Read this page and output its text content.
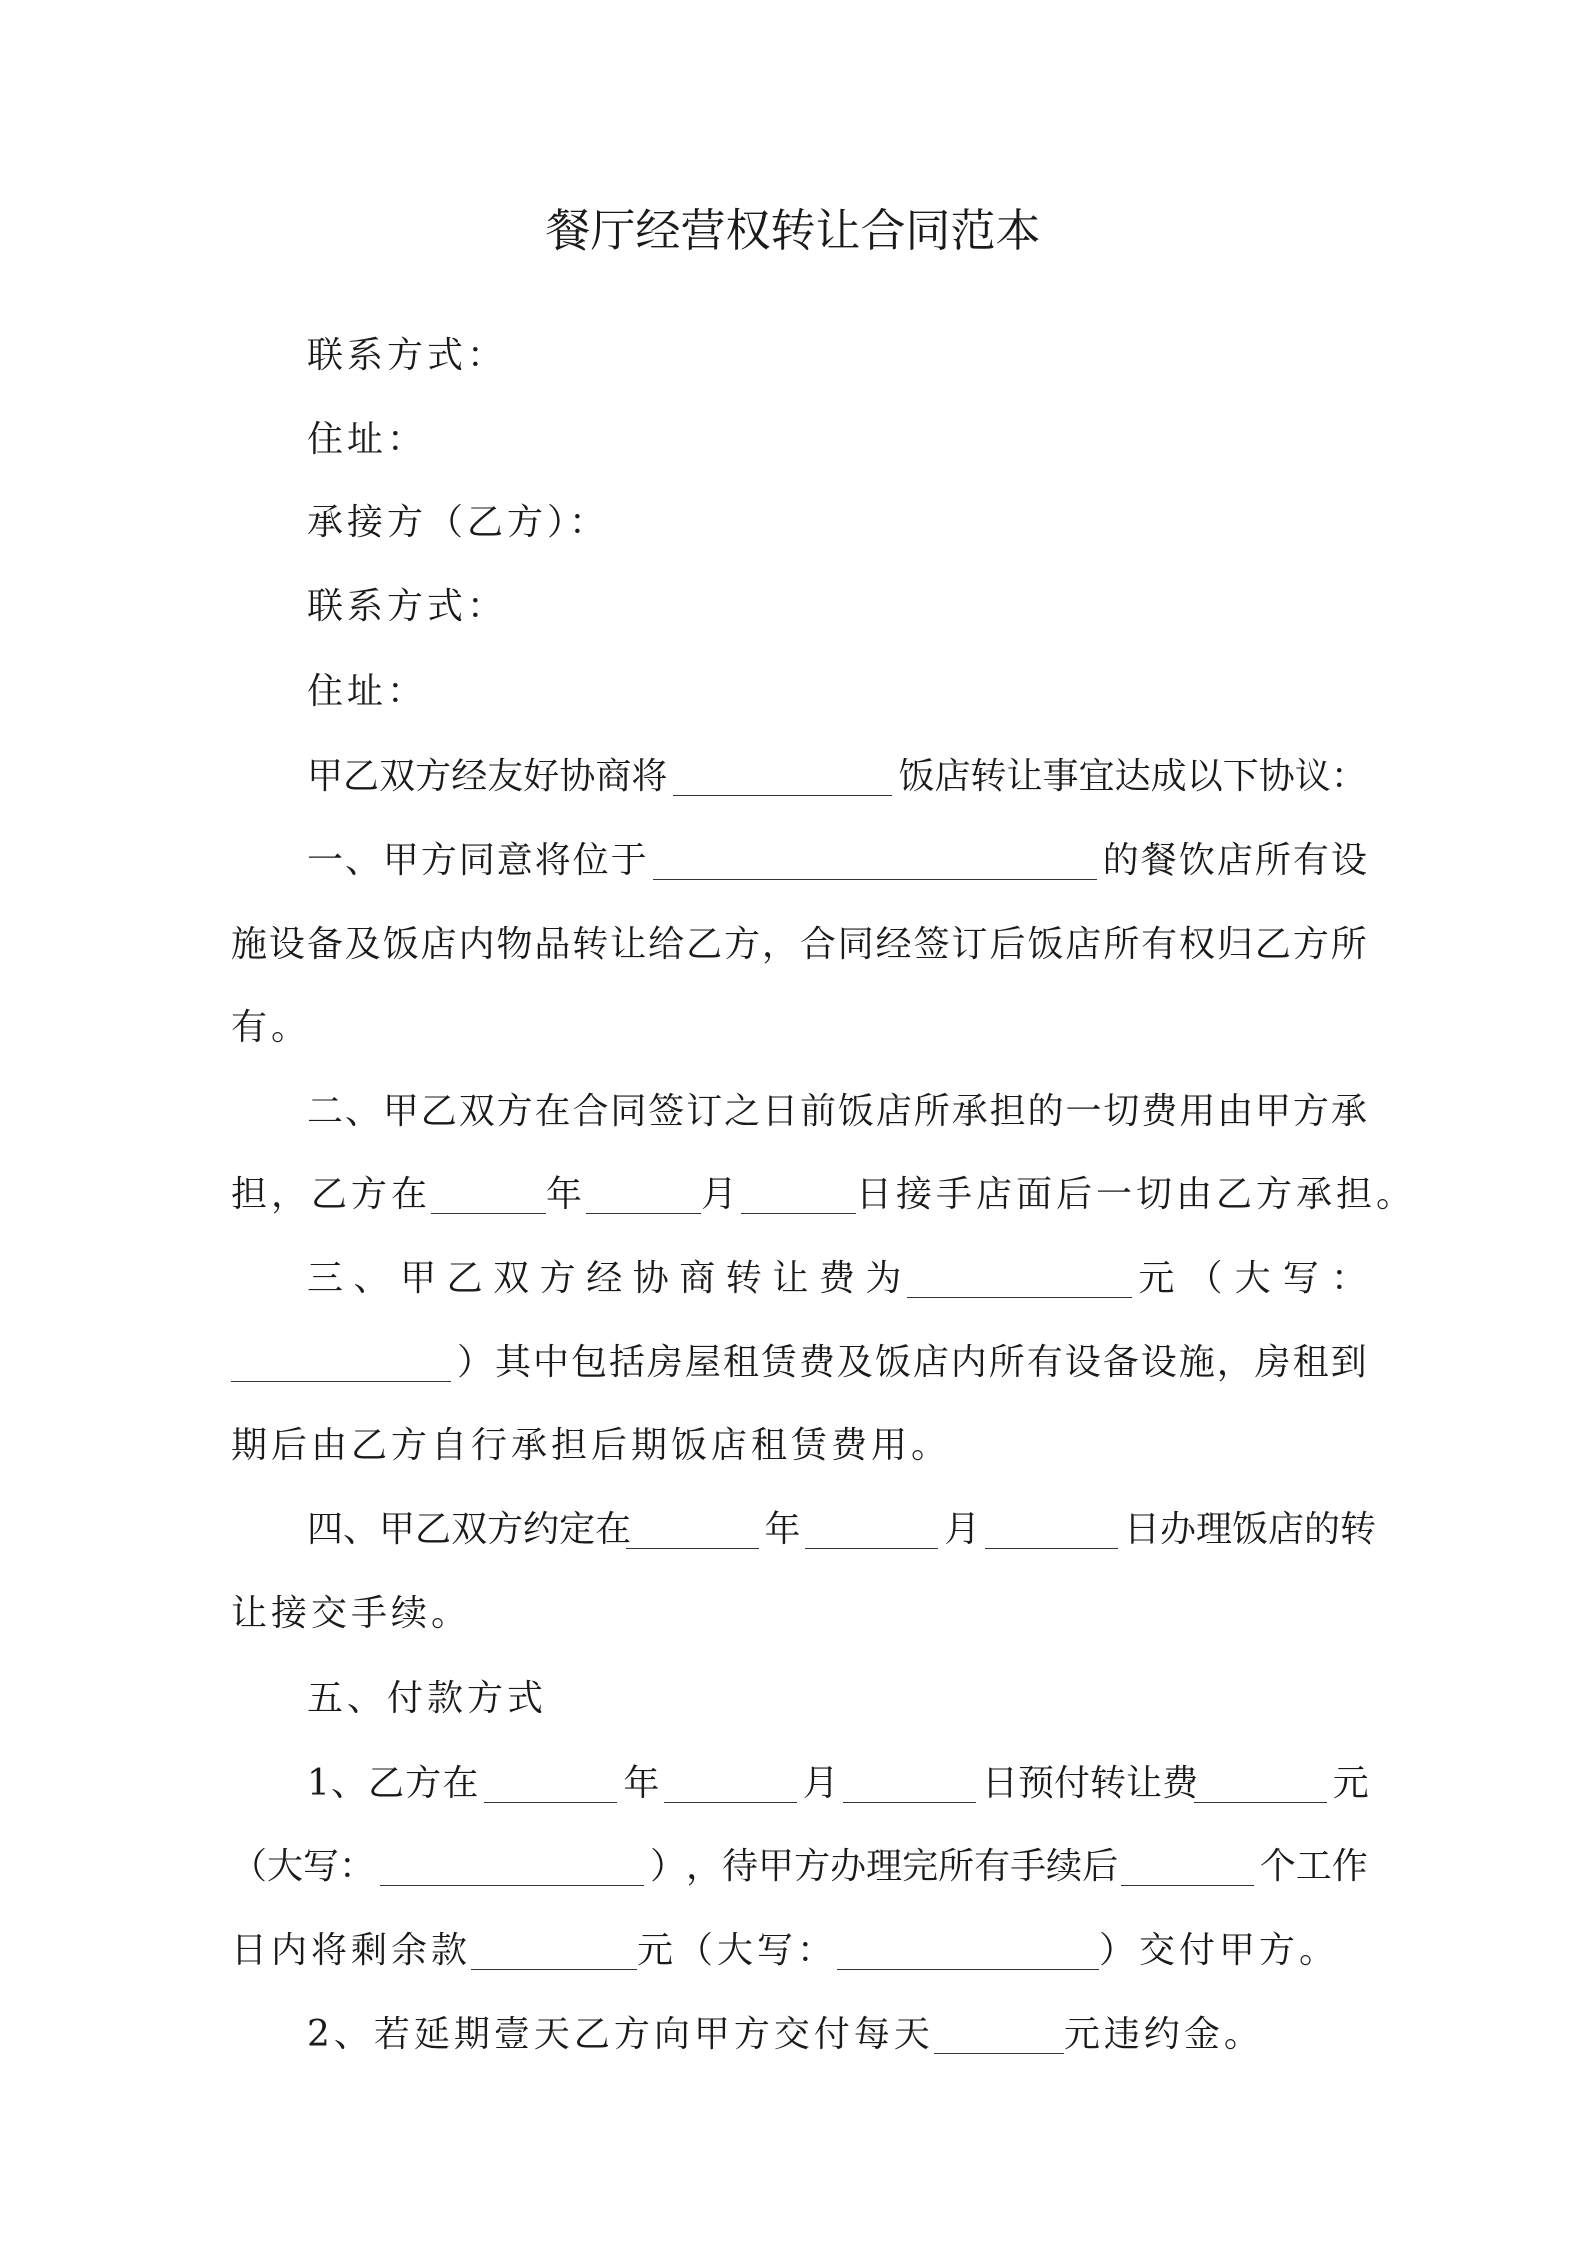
餐厅经营权转让合同范本
联系方式：
住址：
承接方（乙方）：
联系方式：
住址：
甲 乙 双 方 经 友 好 协 商 将	饭 店 转 让 事 宜 达 成 以 下 协 议 ：
一 、 甲 方 同 意 将 位 于	的 餐 饮 店 所 有 设
施 设 备 及 饭 店 内 物 品 转 让 给 乙 方 ， 合 同 经 签 订 后 饭 店 所 有 权 归 乙 方 所
有。
二 、 甲 乙 双 方 在 合 同 签 订 之 日 前 饭 店 所 承 担 的 一 切 费 用 由 甲 方 承
担，乙方在	年	月	日接手店面后一切由乙方承担。
三 、 甲 乙 双 方 经 协 商 转 让 费 为	元 （ 大 写 ：
） 其 中 包 括 房 屋 租 赁 费 及 饭 店 内 所 有 设 备 设 施 ， 房 租 到
期后由乙方自行承担后期饭店租赁费用。
四 、 甲 乙 双 方 约 定 在	年	月	日 办 理 饭 店 的 转
让接交手续。
五、付款方式
1 、 乙 方 在	年	月	日 预 付 转 让 费	元
（ 大 写 ：	） ， 待 甲 方 办 理 完 所 有 手 续 后	个 工 作
日内将剩余款	元（大写：	）交付甲方。
2、若延期壹天乙方向甲方交付每天	元违约金。
